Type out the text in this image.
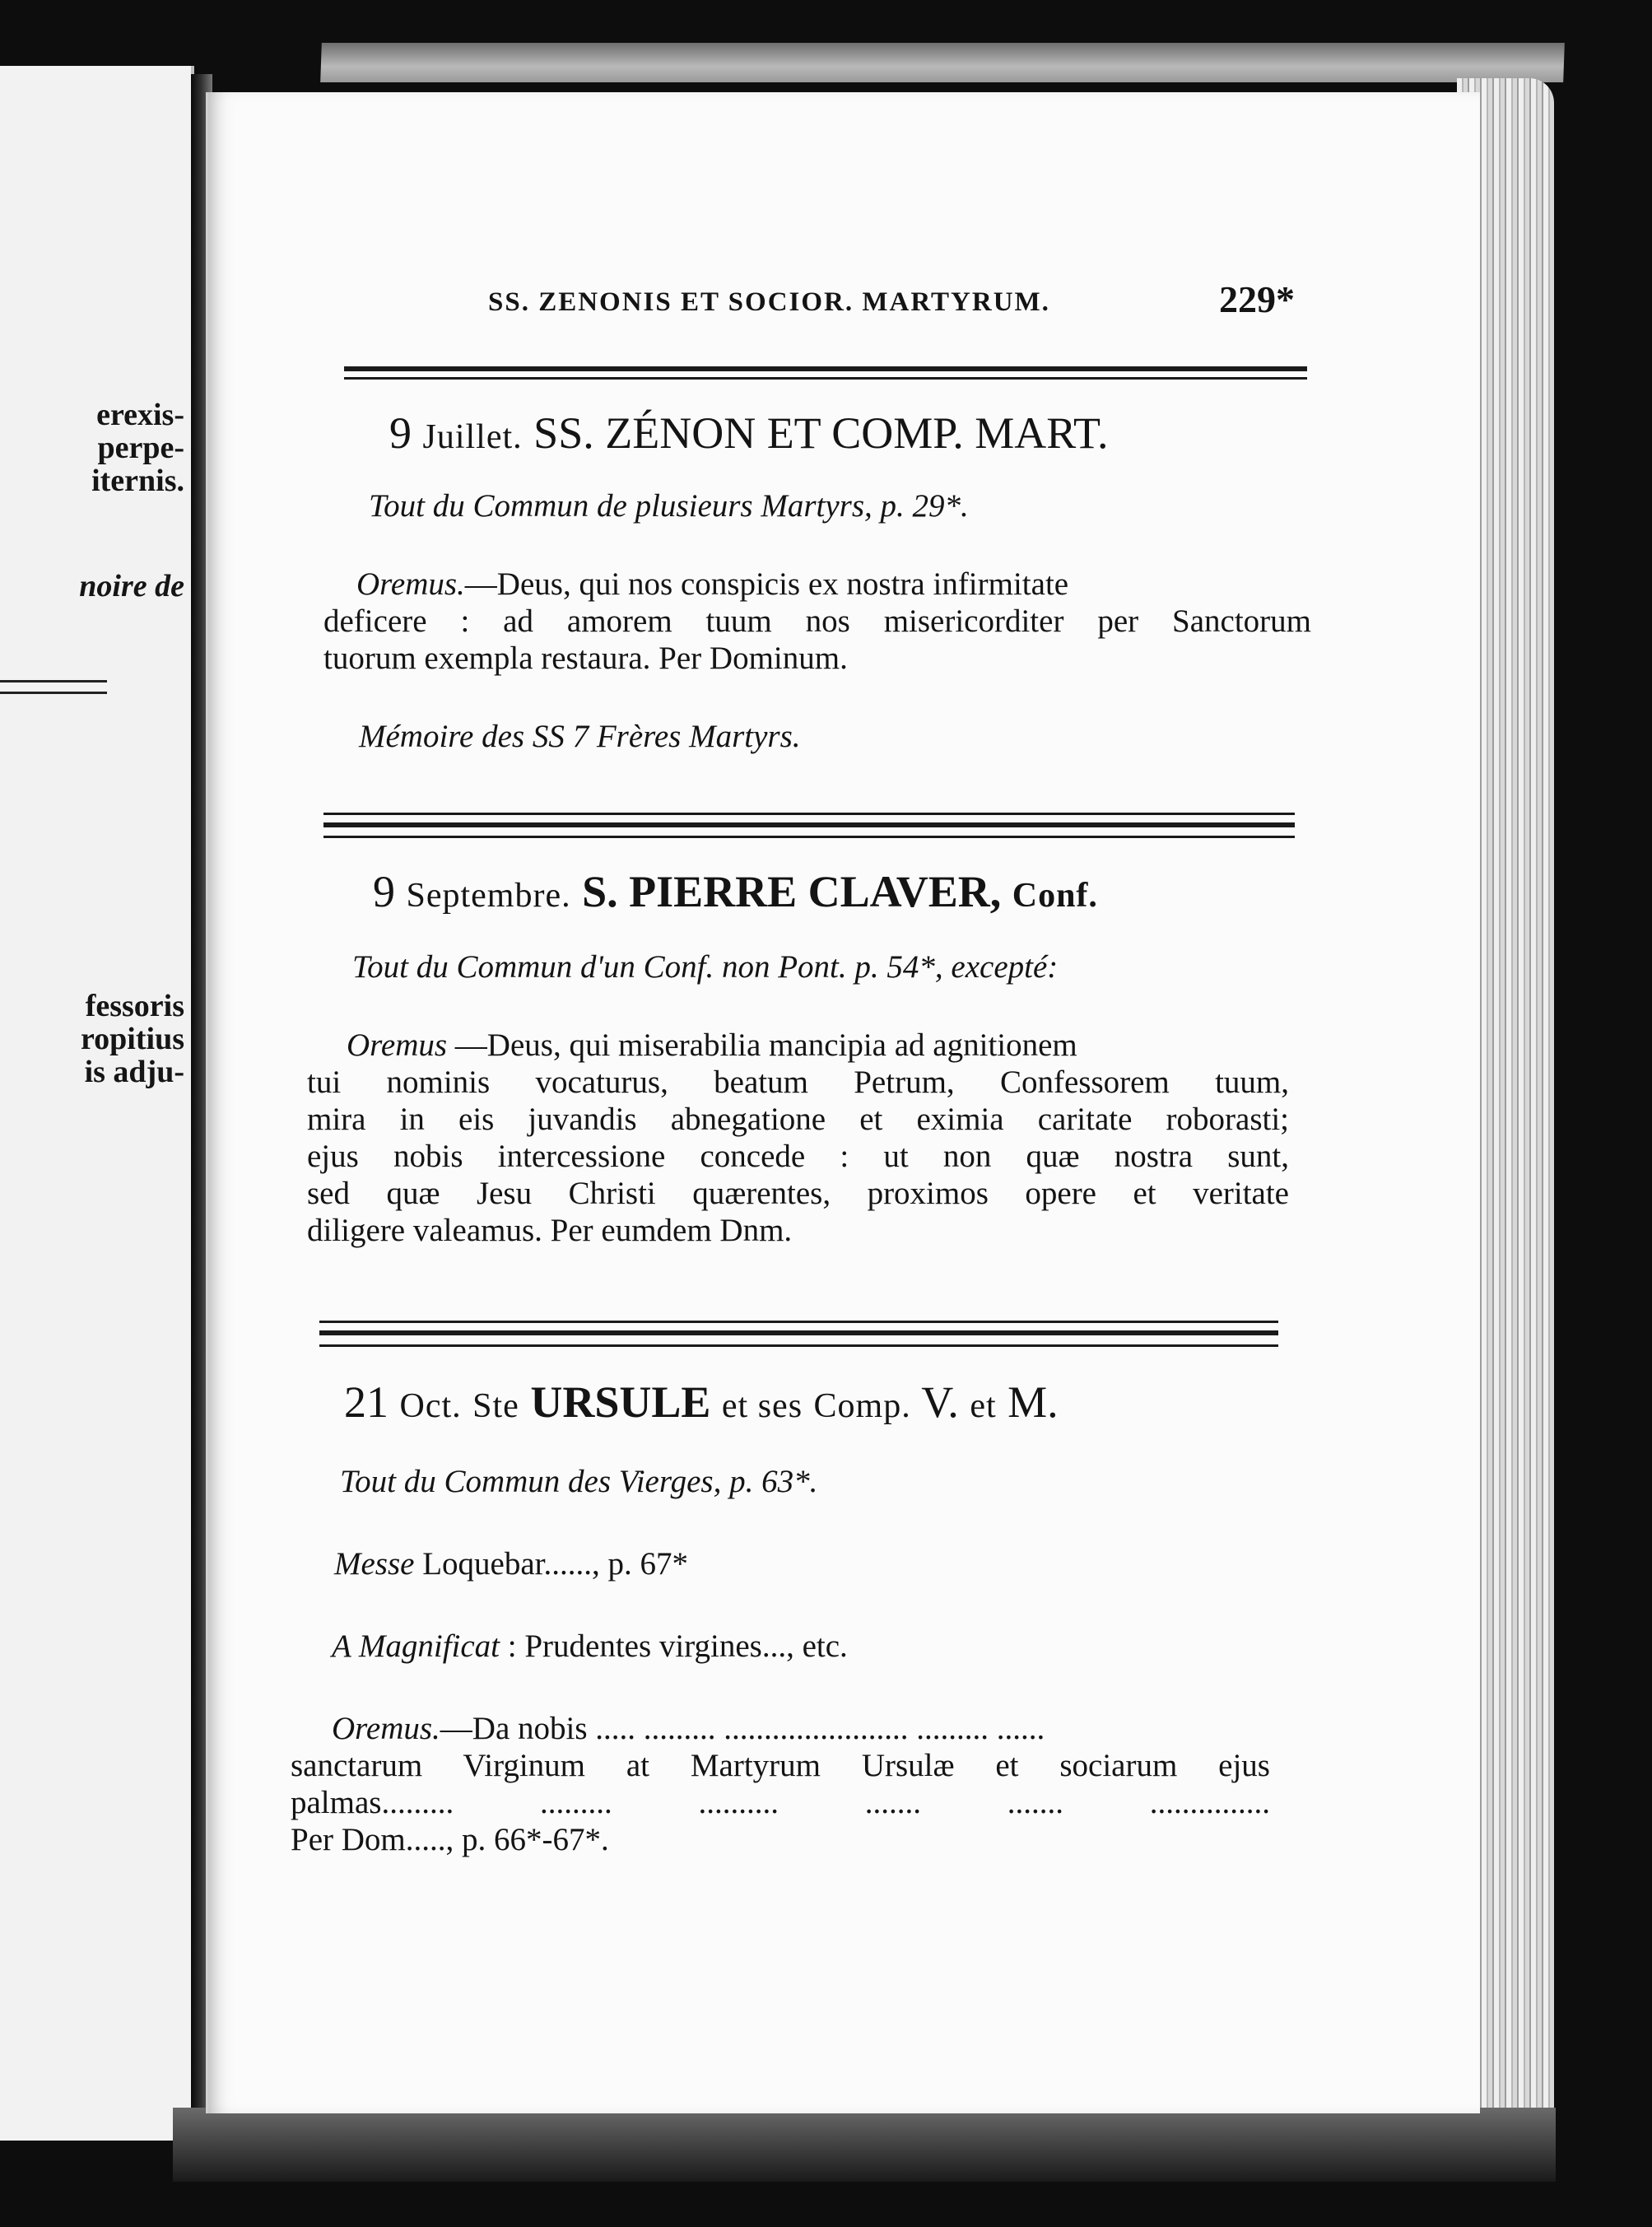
erexis-
perpe-
iternis.
noire de
fessoris
ropitius
is adju-
SS. ZENONIS ET SOCIOR. MARTYRUM.	229*
9 Juillet. SS. ZÉNON ET COMP. MART.
Tout du Commun de plusieurs Martyrs, p. 29*.
Oremus.—Deus, qui nos conspicis ex nostra infirmitate
deficere : ad amorem tuum nos misericorditer per Sanctorum
tuorum exempla restaura. Per Dominum.
Mémoire des SS 7 Frères Martyrs.
9 Septembre. S. PIERRE CLAVER, Conf.
Tout du Commun d'un Conf. non Pont. p. 54*, excepté:
Oremus —Deus, qui miserabilia mancipia ad agnitionem
tui nominis vocaturus, beatum Petrum, Confessorem tuum,
mira in eis juvandis abnegatione et eximia caritate roborasti;
ejus nobis intercessione concede : ut non quæ nostra sunt,
sed quæ Jesu Christi quærentes, proximos opere et veritate
diligere valeamus. Per eumdem Dnm.
21 Oct. Ste URSULE et ses Comp. V. et M.
Tout du Commun des Vierges, p. 63*.
Messe Loquebar......, p. 67*
A Magnificat : Prudentes virgines..., etc.
Oremus.—Da nobis ..... ......... ....................... ......... ......
sanctarum Virginum at Martyrum Ursulæ et sociarum ejus
palmas......... ......... .......... ....... ....... ...............
Per Dom....., p. 66*-67*.
